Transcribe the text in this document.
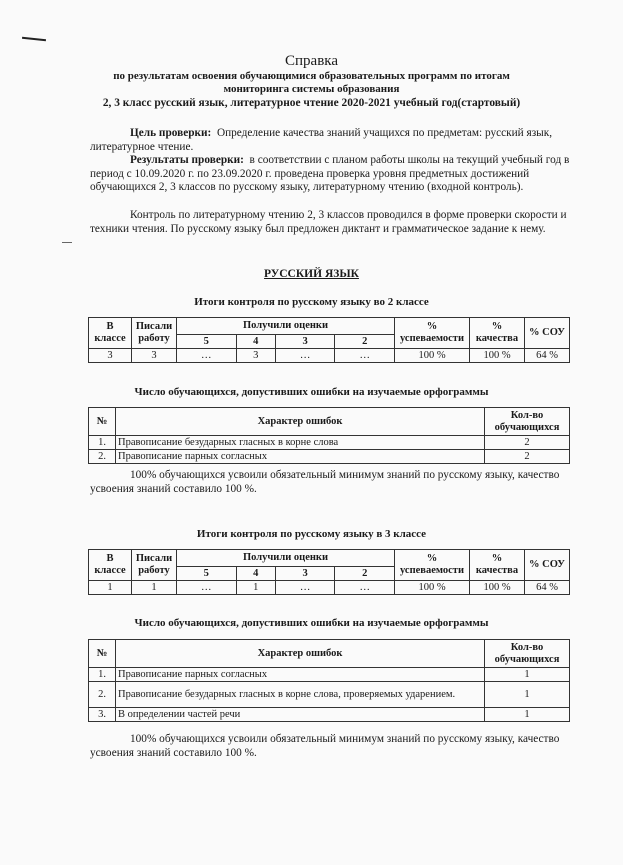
Справка
по результатам освоения обучающимися образовательных программ по итогам
мониторинга системы образования
2, 3 класс русский язык, литературное чтение 2020-2021 учебный год(стартовый)
Цель проверки: Определение качества знаний учащихся по предметам: русский язык, литературное чтение.
Результаты проверки: в соответствии с планом работы школы на текущий учебный год в период с 10.09.2020 г. по 23.09.2020 г. проведена проверка уровня предметных достижений обучающихся 2, 3 классов по русскому языку, литературному чтению (входной контроль).
Контроль по литературному чтению 2, 3 классов проводился в форме проверки скорости и техники чтения. По русскому языку был предложен диктант и грамматическое задание к нему.
РУССКИЙ ЯЗЫК
Итоги контроля по русскому языку во 2 классе
В классе	Писали работу	Получили оценки				% успеваемости	% качества	% СОУ
		5	4	3	2			
3	3	…	3	…	…	100 %	100 %	64 %
Число обучающихся, допустивших ошибки на изучаемые орфограммы
№	Характер ошибок	Кол-во обучающихся
1.	Правописание безударных гласных в корне слова	2
2.	Правописание парных согласных	2
100% обучающихся усвоили обязательный минимум знаний по русскому языку, качество усвоения знаний составило 100 %.
Итоги контроля по русскому языку в 3 классе
В классе	Писали работу	Получили оценки				% успеваемости	% качества	% СОУ
		5	4	3	2			
1	1	…	1	…	…	100 %	100 %	64 %
Число обучающихся, допустивших ошибки на изучаемые орфограммы
№	Характер ошибок	Кол-во обучающихся
1.	Правописание парных согласных	1
2.	Правописание безударных гласных в корне слова, проверяемых ударением.	1
3.	В определении частей речи	1
100% обучающихся усвоили обязательный минимум знаний по русскому языку, качество усвоения знаний составило 100 %.
